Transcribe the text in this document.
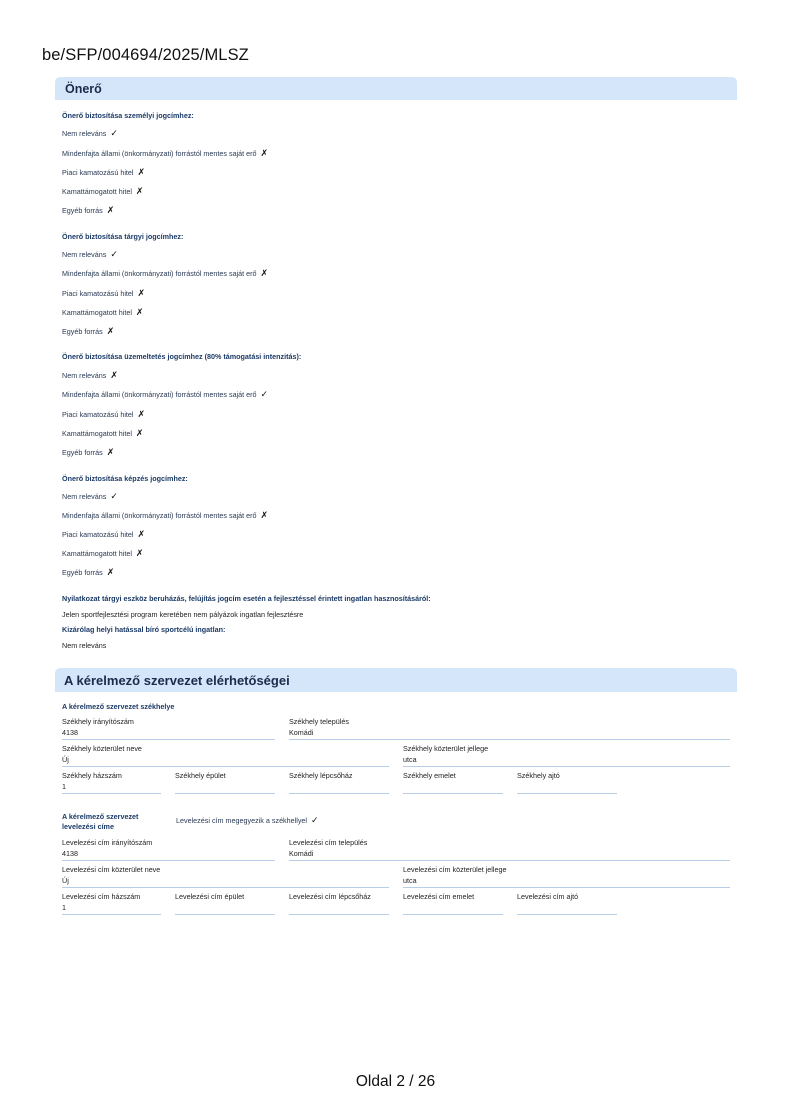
be/SFP/004694/2025/MLSZ
Önerő
Önerő biztosítása személyi jogcímhez:
Nem releváns ✓
Mindenfajta állami (önkormányzati) forrástól mentes saját erő ✗
Piaci kamatozású hitel ✗
Kamattámogatott hitel ✗
Egyéb forrás ✗
Önerő biztosítása tárgyi jogcímhez:
Nem releváns ✓
Mindenfajta állami (önkormányzati) forrástól mentes saját erő ✗
Piaci kamatozású hitel ✗
Kamattámogatott hitel ✗
Egyéb forrás ✗
Önerő biztosítása üzemeltetés jogcímhez (80% támogatási intenzitás):
Nem releváns ✗
Mindenfajta állami (önkormányzati) forrástól mentes saját erő ✓
Piaci kamatozású hitel ✗
Kamattámogatott hitel ✗
Egyéb forrás ✗
Önerő biztosítása képzés jogcímhez:
Nem releváns ✓
Mindenfajta állami (önkormányzati) forrástól mentes saját erő ✗
Piaci kamatozású hitel ✗
Kamattámogatott hitel ✗
Egyéb forrás ✗
Nyilatkozat tárgyi eszköz beruházás, felújítás jogcím esetén a fejlesztéssel érintett ingatlan hasznosításáról:
Jelen sportfejlesztési program keretében nem pályázok ingatlan fejlesztésre
Kizárólag helyi hatással bíró sportcélú ingatlan:
Nem releváns
A kérelmező szervezet elérhetőségei
A kérelmező szervezet székhelye
Székhely irányítószám
4138
Székhely település
Komádi
Székhely közterület neve
Új
Székhely közterület jellege
utca
Székhely házszám
1
Székhely épület	Székhely lépcsőház	Székhely emelet	Székhely ajtó
A kérelmező szervezet
levelezési címe
Levelezési cím megegyezik a székhellyel ✓
Levelezési cím irányítószám
4138
Levelezési cím település
Komádi
Levelezési cím közterület neve
Új
Levelezési cím közterület jellege
utca
Levelezési cím házszám
1
Levelezési cím épület	Levelezési cím lépcsőház	Levelezési cím emelet	Levelezési cím ajtó
Oldal 2 / 26
